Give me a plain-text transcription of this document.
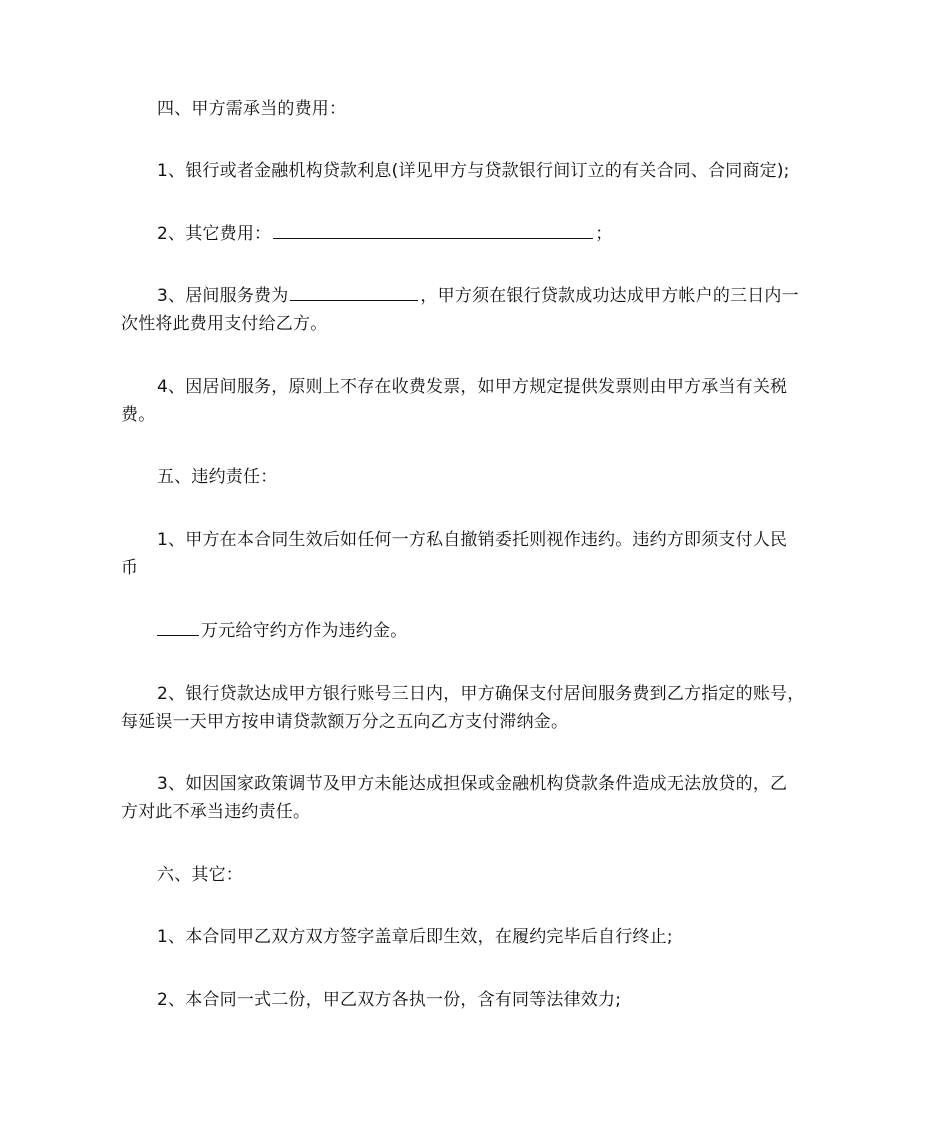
四、甲方需承当的费用：
1、银行或者金融机构贷款利息(详见甲方与贷款银行间订立的有关合同、合同商定);
2、其它费用：	；
3、居间服务费为	，甲方须在银行贷款成功达成甲方帐户的三日内一
次性将此费用支付给乙方。
4、因居间服务，原则上不存在收费发票，如甲方规定提供发票则由甲方承当有关税
费。
五、违约责任：
1、甲方在本合同生效后如任何一方私自撤销委托则视作违约。违约方即须支付人民
币
万元给守约方作为违约金。
2、银行贷款达成甲方银行账号三日内，甲方确保支付居间服务费到乙方指定的账号，
每延误一天甲方按申请贷款额万分之五向乙方支付滞纳金。
3、如因国家政策调节及甲方未能达成担保或金融机构贷款条件造成无法放贷的，乙
方对此不承当违约责任。
六、其它：
1、本合同甲乙双方双方签字盖章后即生效，在履约完毕后自行终止;
2、本合同一式二份，甲乙双方各执一份，含有同等法律效力;
